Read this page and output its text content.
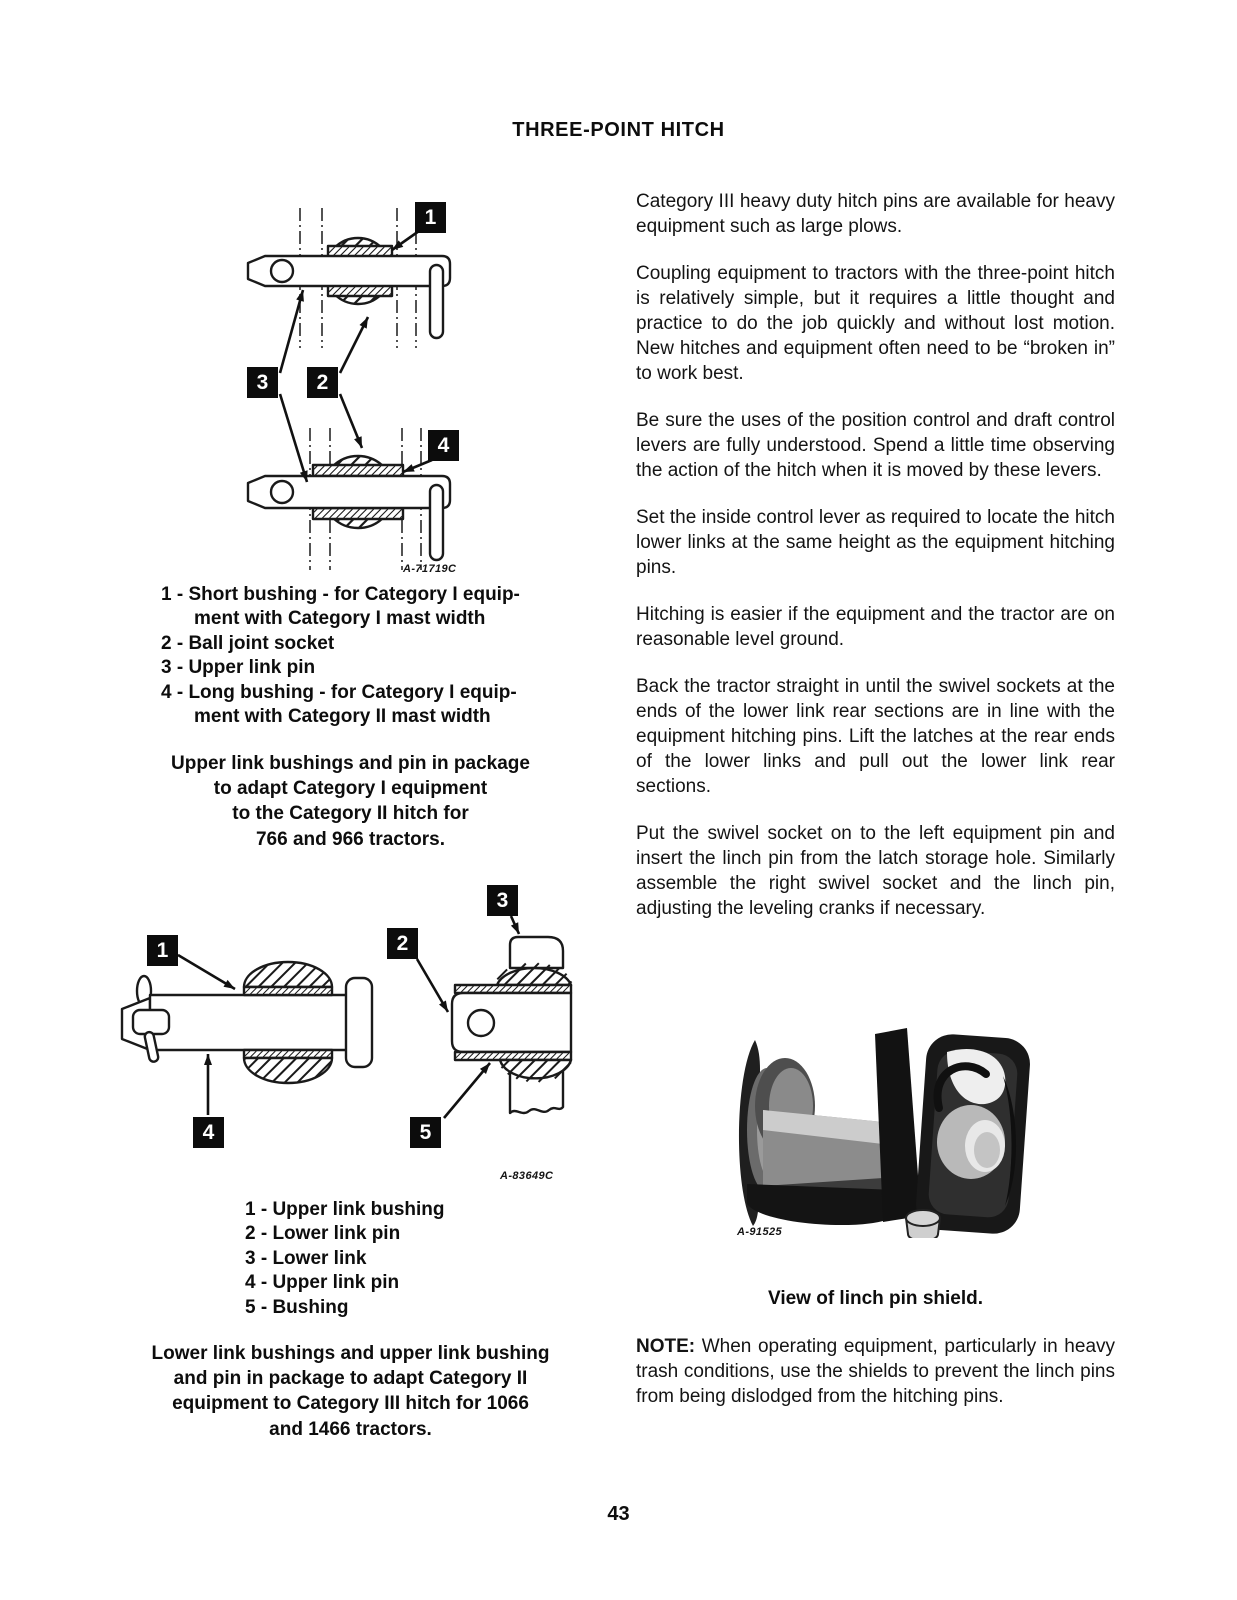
THREE-POINT HITCH
1
2
3
4
A-71719C
1 - Short bushing - for Category I equip-
ment with Category I mast width
2 - Ball joint socket
3 - Upper link pin
4 - Long bushing - for Category I equip-
ment with Category II mast width
Upper link bushings and pin in package
to adapt Category I equipment
to the Category II hitch for
766 and 966 tractors.
1	2
3
4	5
A-83649C
1 - Upper link bushing
2 - Lower link pin
3 - Lower link
4 - Upper link pin
5 - Bushing
Lower link bushings and upper link bushing
and pin in package to adapt Category II
equipment to Category III hitch for 1066
and 1466 tractors.

Category III heavy duty hitch pins are available for heavy equipment such as large plows.

Coupling equipment to tractors with the three-point hitch is relatively simple, but it requires a little thought and practice to do the job quickly and without lost motion. New hitches and equipment often need to be “broken in” to work best.

Be sure the uses of the position control and draft control levers are fully understood. Spend a little time observing the action of the hitch when it is moved by these levers.

Set the inside control lever as required to locate the hitch lower links at the same height as the equipment hitching pins.

Hitching is easier if the equipment and the tractor are on reasonable level ground.

Back the tractor straight in until the swivel sockets at the ends of the lower link rear sections are in line with the equipment hitching pins. Lift the latches at the rear ends of the lower links and pull out the lower link rear sections.

Put the swivel socket on to the left equipment pin and insert the linch pin from the latch storage hole. Similarly assemble the right swivel socket and the linch pin, adjusting the leveling cranks if necessary.

A-91525
View of linch pin shield.

NOTE: When operating equipment, particularly in heavy trash conditions, use the shields to prevent the linch pins from being dislodged from the hitching pins.

43
